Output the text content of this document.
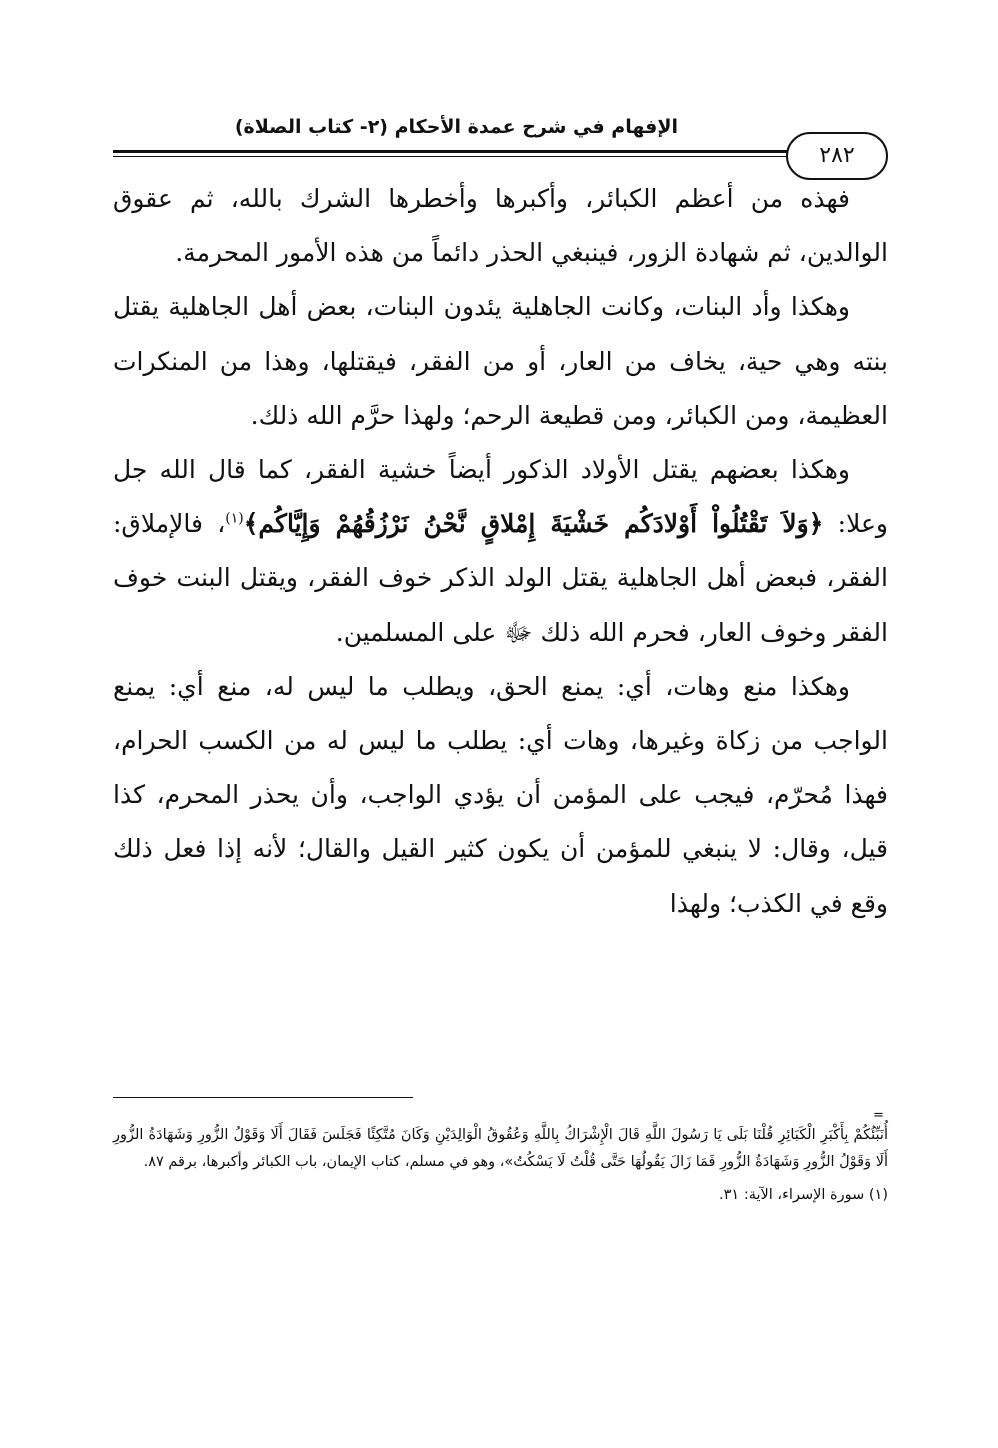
الإفهام في شرح عمدة الأحكام (٢- كتاب الصلاة)
٢٨٢

فهذه من أعظم الكبائر، وأكبرها وأخطرها الشرك بالله، ثم عقوق الوالدين، ثم شهادة الزور، فينبغي الحذر دائماً من هذه الأمور المحرمة.

وهكذا وأد البنات، وكانت الجاهلية يئدون البنات، بعض أهل الجاهلية يقتل بنته وهي حية، يخاف من العار، أو من الفقر، فيقتلها، وهذا من المنكرات العظيمة، ومن الكبائر، ومن قطيعة الرحم؛ ولهذا حرَّم الله ذلك.

وهكذا بعضهم يقتل الأولاد الذكور أيضاً خشية الفقر، كما قال الله جل وعلا: ﴿وَلاَ تَقْتُلُواْ أَوْلادَكُم خَشْيَةَ إِمْلاقٍ نَّحْنُ نَرْزُقُهُمْ وَإِيَّاكُم﴾$^{(١)}$، فالإملاق: الفقر، فبعض أهل الجاهلية يقتل الولد الذكر خوف الفقر، ويقتل البنت خوف الفقر وخوف العار، فحرم الله ذلك ﷻ على المسلمين.

وهكذا منع وهات، أي: يمنع الحق، ويطلب ما ليس له، منع أي: يمنع الواجب من زكاة وغيرها، وهات أي: يطلب ما ليس له من الكسب الحرام، فهذا مُحرّم، فيجب على المؤمن أن يؤدي الواجب، وأن يحذر المحرم، كذا قيل، وقال: لا ينبغي للمؤمن أن يكون كثير القيل والقال؛ لأنه إذا فعل ذلك وقع في الكذب؛ ولهذا

=

أُنَبِّئُكُمْ بِأَكْبَرِ الْكَبَائِرِ قُلْنَا بَلَى يَا رَسُولَ اللَّهِ قَالَ الْإِشْرَاكُ بِاللَّهِ وَعُقُوقُ الْوَالِدَيْنِ وَكَانَ مُتَّكِئًا فَجَلَسَ فَقَالَ أَلَا وَقَوْلُ الزُّورِ وَشَهَادَةُ الزُّورِ أَلَا وَقَوْلُ الزُّورِ وَشَهَادَةُ الزُّورِ فَمَا زَالَ يَقُولُهَا حَتَّى قُلْتُ لَا يَسْكُتُ»، وهو في مسلم، كتاب الإيمان، باب الكبائر وأكبرها، برقم ٨٧.

(١) سورة الإسراء، الآية: ٣١.
